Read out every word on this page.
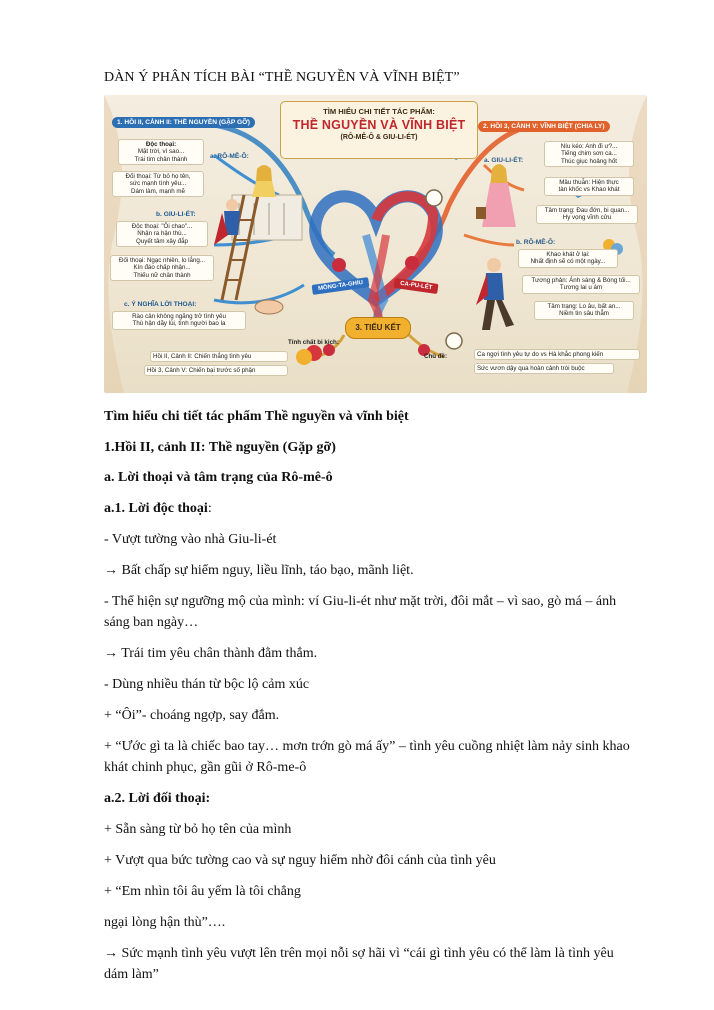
DÀN Ý PHÂN TÍCH BÀI “THỀ NGUYỀN VÀ VĨNH BIỆT”
TÌM HIỂU CHI TIẾT TÁC PHẨM:
THỀ NGUYỀN VÀ VĨNH BIỆT
(RÔ-MÊ-Ô & GIU-LI-ÉT)
1. HỒI II, CẢNH II: THỀ NGUYỀN (GẶP GỠ)
Độc thoại:
Mặt trời, vì sao...
Trái tim chân thành	a. RÔ-MÊ-Ô:
Đối thoại: Từ bỏ họ tên,
sức mạnh tình yêu...
Dám làm, mạnh mẽ
b. GIU-LI-ÉT:
Độc thoại: "Ôi chao"...
Nhận ra hận thù...
Quyết tâm xây đắp
Đối thoại: Ngạc nhiên, lo lắng...
Kín đáo chấp nhận...
Thiếu nữ chân thành
c. Ý NGHĨA LỜI THOẠI:
Rào cản không ngăng trở tình yêu
Thù hận dãy lùi, tình người bao la
2. HỒI 3, CẢNH V: VĨNH BIỆT (CHIA LY)
a. GIU-LI-ÉT:
Níu kéo: Anh đi ư?...
Tiếng chim sơn ca...
Thúc giục hoảng hốt
Mâu thuẫn: Hiện thực
tàn khốc vs Khao khát
Tâm trạng: Đau đớn, bi quan...
Hy vọng vĩnh cửu
b. RÔ-MÊ-Ô:
Khao khát ở lại:
Nhất định sẽ có một ngày...
Tương phản: Ánh sáng & Bóng tối...
Tương lai u ám
Tâm trạng: Lo âu, bất an...
Niềm tin sâu thẳm
MÔNG-TA-GHIU	CA-PU-LÉT
3. TIỂU KẾT
Tính chất bi kịch:
Hồi II, Cảnh II: Chiến thắng tình yêu
Hồi 3, Cảnh V: Chiến bại trước số phận
Chủ đề:	Ca ngợi tình yêu tự do vs Hà khắc phong kiến
Sức vươn dậy qua hoàn cảnh trói buộc
Tìm hiểu chi tiết tác phẩm Thề nguyền và vĩnh biệt
1.Hồi II, cảnh II: Thề nguyền (Gặp gỡ)
a. Lời thoại và tâm trạng của Rô-mê-ô
a.1. Lời độc thoại:
- Vượt tường vào nhà Giu-li-ét
→ Bất chấp sự hiểm nguy, liều lĩnh, táo bạo, mãnh liệt.
- Thể hiện sự ngưỡng mộ của mình: ví Giu-li-ét như mặt trời, đôi mắt – vì sao, gò má – ánh
sáng ban ngày…
→ Trái tim yêu chân thành đằm thắm.
- Dùng nhiều thán từ bộc lộ cảm xúc
+ “Ôi”- choáng ngợp, say đắm.
+ “Ước gì ta là chiếc bao tay… mơn trớn gò má ấy” – tình yêu cuồng nhiệt làm nảy sinh khao
khát chinh phục, gần gũi ở Rô-me-ô
a.2. Lời đối thoại:
+ Sẵn sàng từ bỏ họ tên của mình
+ Vượt qua bức tường cao và sự nguy hiểm nhờ đôi cánh của tình yêu
+ “Em nhìn tôi âu yếm là tôi chẳng
ngại lòng hận thù”….
→ Sức mạnh tình yêu vượt lên trên mọi nỗi sợ hãi vì “cái gì tình yêu có thể làm là tình yêu
dám làm”
